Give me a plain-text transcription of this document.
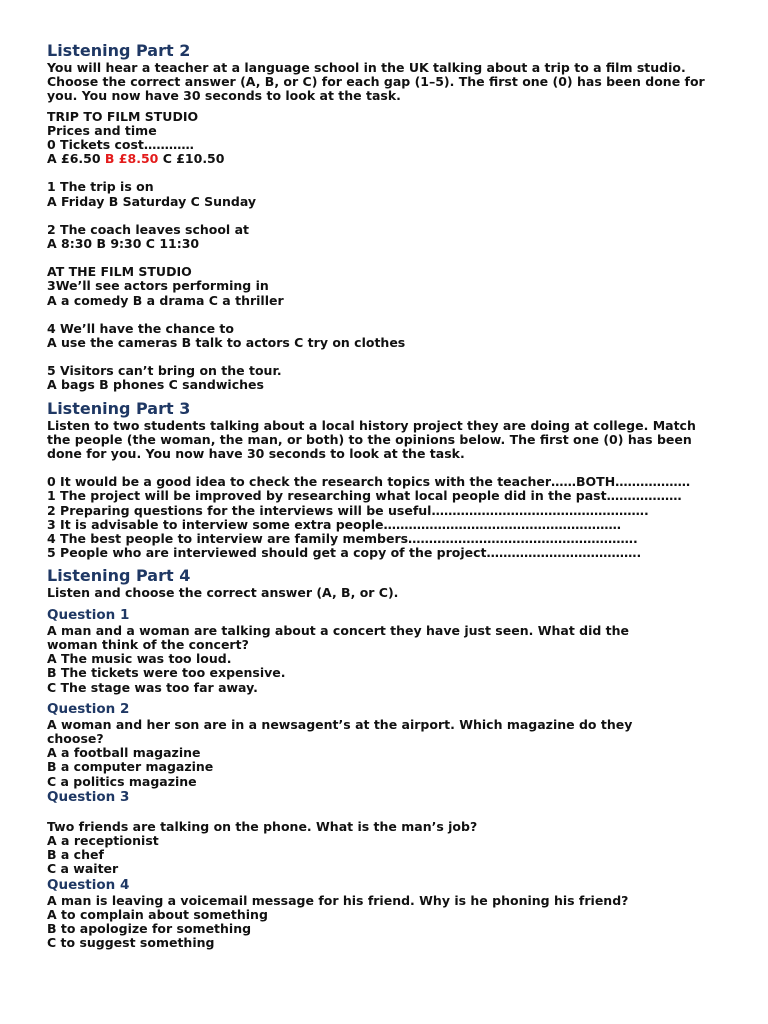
Listening Part 2
You will hear a teacher at a language school in the UK talking about a trip to a film studio. Choose the correct answer (A, B, or C) for each gap (1–5). The first one (0) has been done for you. You now have 30 seconds to look at the task.
TRIP TO FILM STUDIO
Prices and time
0 Tickets cost…………
A £6.50 B £8.50 C £10.50
1 The trip is on
A Friday B Saturday C Sunday
2 The coach leaves school at
A 8:30 B 9:30 C 11:30
AT THE FILM STUDIO
3We’ll see actors performing in
A a comedy B a drama C a thriller
4 We’ll have the chance to
A use the cameras B talk to actors C try on clothes
5 Visitors can’t bring on the tour.
A bags B phones C sandwiches
Listening Part 3
Listen to two students talking about a local history project they are doing at college. Match the people (the woman, the man, or both) to the opinions below. The first one (0) has been done for you. You now have 30 seconds to look at the task.
0 It would be a good idea to check the research topics with the teacher……BOTH………………
1 The project will be improved by researching what local people did in the past………………
2 Preparing questions for the interviews will be useful…………………………………………….
3 It is advisable to interview some extra people…………………………………………………
4 The best people to interview are family members……………………………………………….
5 People who are interviewed should get a copy of the project……………………………….
Listening Part 4
Listen and choose the correct answer (A, B, or C).
Question 1
A man and a woman are talking about a concert they have just seen. What did the woman think of the concert?
A The music was too loud.
B The tickets were too expensive.
C The stage was too far away.
Question 2
A woman and her son are in a newsagent’s at the airport. Which magazine do they choose?
A a football magazine
B a computer magazine
C a politics magazine
Question 3
Two friends are talking on the phone. What is the man’s job?
A a receptionist
B a chef
C a waiter
Question 4
A man is leaving a voicemail message for his friend. Why is he phoning his friend?
A to complain about something
B to apologize for something
C to suggest something
